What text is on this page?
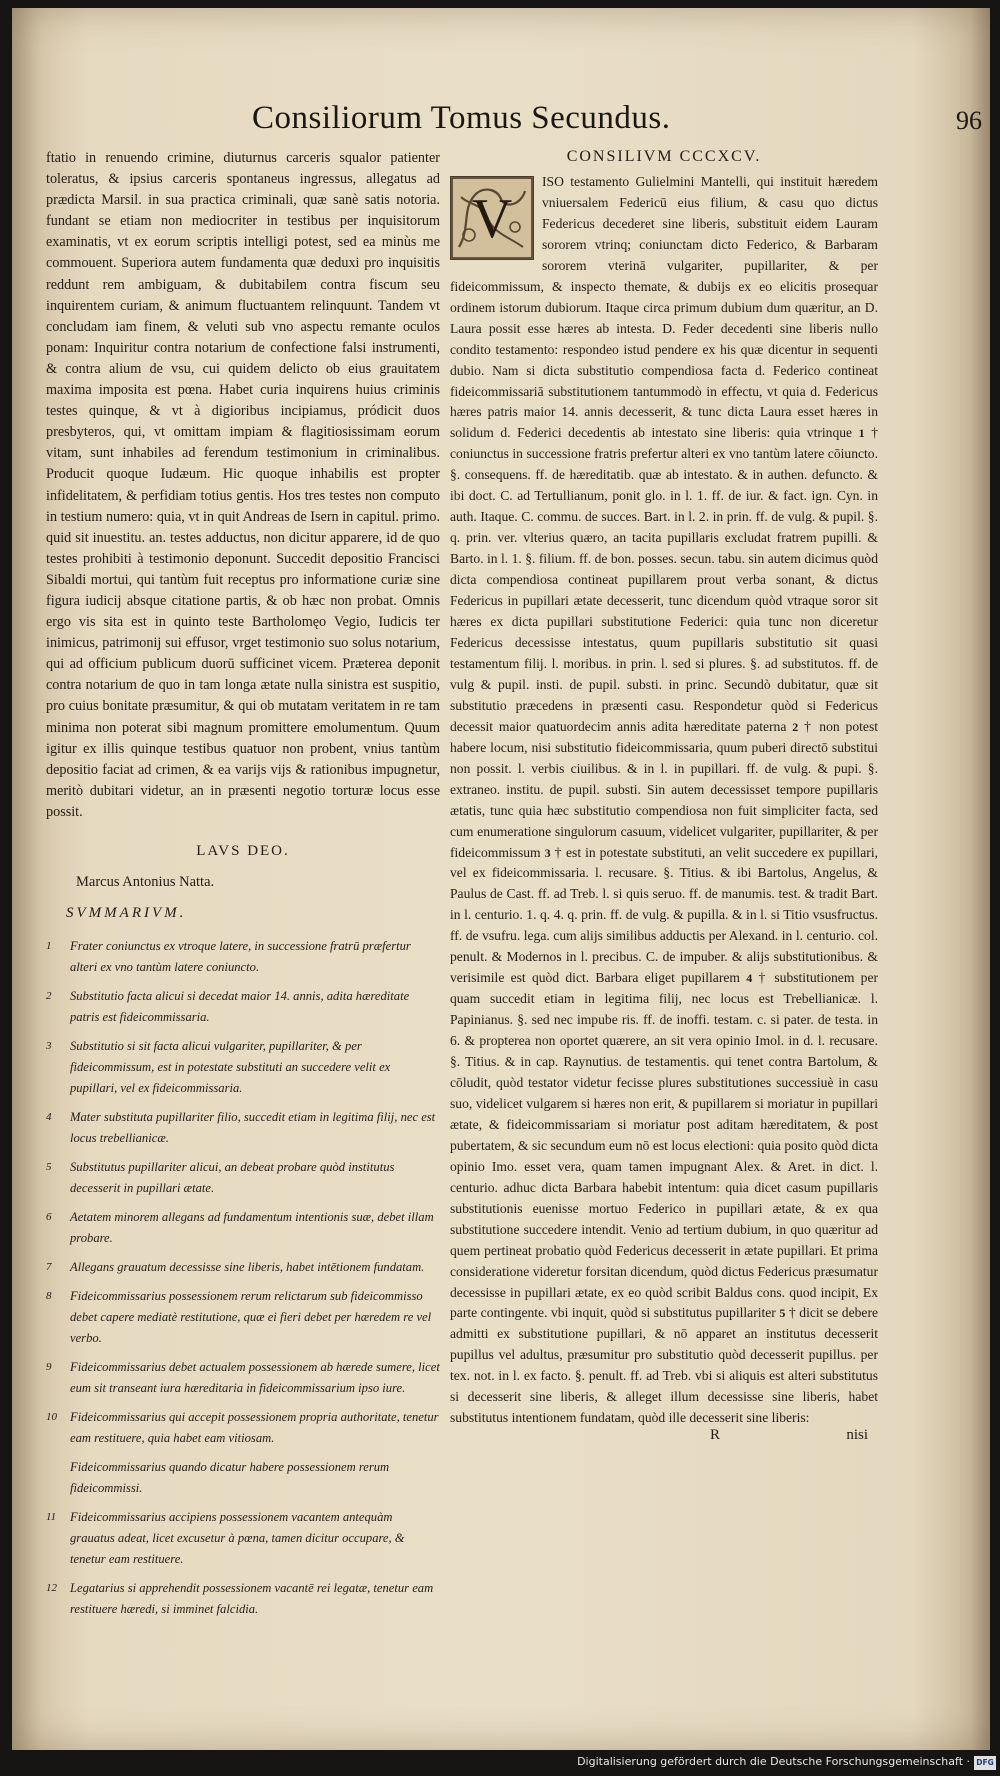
Consiliorum Tomus Secundus.	96

ftatio in renuendo crimine, diuturnus carceris squalor patienter toleratus, & ipsius carceris spontaneus ingressus, allegatus ad prædicta Marsil. in sua practica criminali, quæ sanè satis notoria. fundant se etiam non mediocriter in testibus per inquisitorum examinatis, vt ex eorum scriptis intelligi potest, sed ea minùs me commouent. Superiora autem fundamenta quæ deduxi pro inquisitis reddunt rem ambiguam, & dubitabilem contra fiscum seu inquirentem curiam, & animum fluctuantem relinquunt. Tandem vt concludam iam finem, & veluti sub vno aspectu remante oculos ponam: Inquiritur contra notarium de confectione falsi instrumenti, & contra alium de vsu, cui quidem delicto ob eius grauitatem maxima imposita est pœna. Habet curia inquirens huius criminis testes quinque, & vt à digioribus incipiamus, pródicit duos presbyteros, qui, vt omittam impiam & flagitiosissimam eorum vitam, sunt inhabiles ad ferendum testimonium in criminalibus. Producit quoque Iudæum. Hic quoque inhabilis est propter infidelitatem, & perfidiam totius gentis. Hos tres testes non computo in testium numero: quia, vt in quit Andreas de Isern in capitul. primo. quid sit inuestitu. an. testes adductus, non dicitur apparere, id de quo testes prohibiti à testimonio deponunt. Succedit depositio Francisci Sibaldi mortui, qui tantùm fuit receptus pro informatione curiæ sine figura iudicij absque citatione partis, & ob hæc non probat. Omnis ergo vis sita est in quinto teste Bartholomęo Vegio, Iudicis ter inimicus, patrimonij sui effusor, vrget testimonio suo solus notarium, qui ad officium publicum duorū sufficinet vicem. Præterea deponit contra notarium de quo in tam longa ætate nulla sinistra est suspitio, pro cuius bonitate præsumitur, & qui ob mutatam veritatem in re tam minima non poterat sibi magnum promittere emolumentum. Quum igitur ex illis quinque testibus quatuor non probent, vnius tantùm depositio faciat ad crimen, & ea varijs vijs & rationibus impugnetur, meritò dubitari videtur, an in præsenti negotio torturæ locus esse possit.

LAVS DEO.
Marcus Antonius Natta.
SVMMARIVM.
1	Frater coniunctus ex vtroque latere, in successione fratrū præfertur alteri ex vno tantùm latere coniuncto.
2	Substitutio facta alicui si decedat maior 14. annis, adita hæreditate patris est fideicommissaria.
3	Substitutio si sit facta alicui vulgariter, pupillariter, & per fideicommissum, est in potestate substituti an succedere velit ex pupillari, vel ex fideicommissaria.
4	Mater substituta pupillariter filio, succedit etiam in legitima filij, nec est locus trebellianicæ.
5	Substitutus pupillariter alicui, an debeat probare quòd institutus decesserit in pupillari ætate.
6	Aetatem minorem allegans ad fundamentum intentionis suæ, debet illam probare.
7	Allegans grauatum decessisse sine liberis, habet intētionem fundatam.
8	Fideicommissarius possessionem rerum relictarum sub fideicommisso debet capere mediatè restitutione, quæ ei fieri debet per hæredem re vel verbo.
9	Fideicommissarius debet actualem possessionem ab hærede sumere, licet eum sit transeant iura hæreditaria in fideicommissarium ipso iure.
10	Fideicommissarius qui accepit possessionem propria authoritate, tenetur eam restituere, quia habet eam vitiosam.
Fideicommissarius quando dicatur habere possessionem rerum fideicommissi.
11	Fideicommissarius accipiens possessionem vacantem antequàm grauatus adeat, licet excusetur à pœna, tamen dicitur occupare, & tenetur eam restituere.
12	Legatarius si apprehendit possessionem vacantē rei legatæ, tenetur eam restituere hæredi, si imminet falcidia.
CONSILIVM CCCXCV.
V

ISO testamento Gulielmini Mantelli, qui instituit hæredem vniuersalem Federicū eius filium, & casu quo dictus Federicus decederet sine liberis, substituit eidem Lauram sororem vtrinq; coniunctam dicto Federico, & Barbaram sororem vterinā vulgariter, pupillariter, & per fideicommissum, & inspecto themate, & dubijs ex eo elicitis prosequar ordinem istorum dubiorum. Itaque circa primum dubium dum quæritur, an D. Laura possit esse hæres ab intesta. D. Feder decedenti sine liberis nullo condito testamento: respondeo istud pendere ex his quæ dicentur in sequenti dubio. Nam si dicta substitutio compendiosa facta d. Federico contineat fideicommissariā substitutionem tantummodò in effectu, vt quia d. Federicus hæres patris maior 14. annis decesserit, & tunc dicta Laura esset hæres in solidum d. Federici decedentis ab intestato sine liberis: quia vtrinque 1 † coniunctus in successione fratris prefertur alteri ex vno tantùm latere cōiuncto. §. consequens. ff. de hæreditatib. quæ ab intestato. & in authen. defuncto. & ibi doct. C. ad Tertullianum, ponit glo. in l. 1. ff. de iur. & fact. ign. Cyn. in auth. Itaque. C. commu. de succes. Bart. in l. 2. in prin. ff. de vulg. & pupil. §. q. prin. ver. vlterius quæro, an tacita pupillaris excludat fratrem pupilli. & Barto. in l. 1. §. filium. ff. de bon. posses. secun. tabu. sin autem dicimus quòd dicta compendiosa contineat pupillarem prout verba sonant, & dictus Federicus in pupillari ætate decesserit, tunc dicendum quòd vtraque soror sit hæres ex dicta pupillari substitutione Federici: quia tunc non diceretur Federicus decessisse intestatus, quum pupillaris substitutio sit quasi testamentum filij. l. moribus. in prin. l. sed si plures. §. ad substitutos. ff. de vulg & pupil. insti. de pupil. substi. in princ. Secundò dubitatur, quæ sit substitutio præcedens in præsenti casu. Respondetur quòd si Federicus decessit maior quatuordecim annis adita hæreditate paterna 2 † non potest habere locum, nisi substitutio fideicommissaria, quum puberi directō substitui non possit. l. verbis ciuilibus. & in l. in pupillari. ff. de vulg. & pupi. §. extraneo. institu. de pupil. substi. Sin autem decessisset tempore pupillaris ætatis, tunc quia hæc substitutio compendiosa non fuit simpliciter facta, sed cum enumeratione singulorum casuum, videlicet vulgariter, pupillariter, & per fideicommissum 3 † est in potestate substituti, an velit succedere ex pupillari, vel ex fideicommissaria. l. recusare. §. Titius. & ibi Bartolus, Angelus, & Paulus de Cast. ff. ad Treb. l. si quis seruo. ff. de manumis. test. & tradit Bart. in l. centurio. 1. q. 4. q. prin. ff. de vulg. & pupilla. & in l. si Titio vsusfructus. ff. de vsufru. lega. cum alijs similibus adductis per Alexand. in l. centurio. col. penult. & Modernos in l. precibus. C. de impuber. & alijs substitutionibus. & verisimile est quòd dict. Barbara eliget pupillarem 4 † substitutionem per quam succedit etiam in legitima filij, nec locus est Trebellianicæ. l. Papinianus. §. sed nec impube ris. ff. de inoffi. testam. c. si pater. de testa. in 6. & propterea non oportet quærere, an sit vera opinio Imol. in d. l. recusare. §. Titius. & in cap. Raynutius. de testamentis. qui tenet contra Bartolum, & cōludit, quòd testator videtur fecisse plures substitutiones successiuè in casu suo, videlicet vulgarem si hæres non erit, & pupillarem si moriatur in pupillari ætate, & fideicommissariam si moriatur post aditam hæreditatem, & post pubertatem, & sic secundum eum nō est locus electioni: quia posito quòd dicta opinio Imo. esset vera, quam tamen impugnant Alex. & Aret. in dict. l. centurio. adhuc dicta Barbara habebit intentum: quia dicet casum pupillaris substitutionis euenisse mortuo Federico in pupillari ætate, & ex qua substitutione succedere intendit. Venio ad tertium dubium, in quo quæritur ad quem pertineat probatio quòd Federicus decesserit in ætate pupillari. Et prima consideratione videretur forsitan dicendum, quòd dictus Federicus præsumatur decessisse in pupillari ætate, ex eo quòd scribit Baldus cons. quod incipit, Ex parte contingente. vbi inquit, quòd si substitutus pupillariter 5 † dicit se debere admitti ex substitutione pupillari, & nō apparet an institutus decesserit pupillus vel adultus, præsumitur pro substitutio quòd decesserit pupillus. per tex. not. in l. ex facto. §. penult. ff. ad Treb. vbi si aliquis est alteri substitutus si decesserit sine liberis, & alleget illum decessisse sine liberis, habet substitutus intentionem fundatam, quòd ille decesserit sine liberis:

R	nisi
Digitalisierung gefördert durch die Deutsche Forschungsgemeinschaft · DFG
